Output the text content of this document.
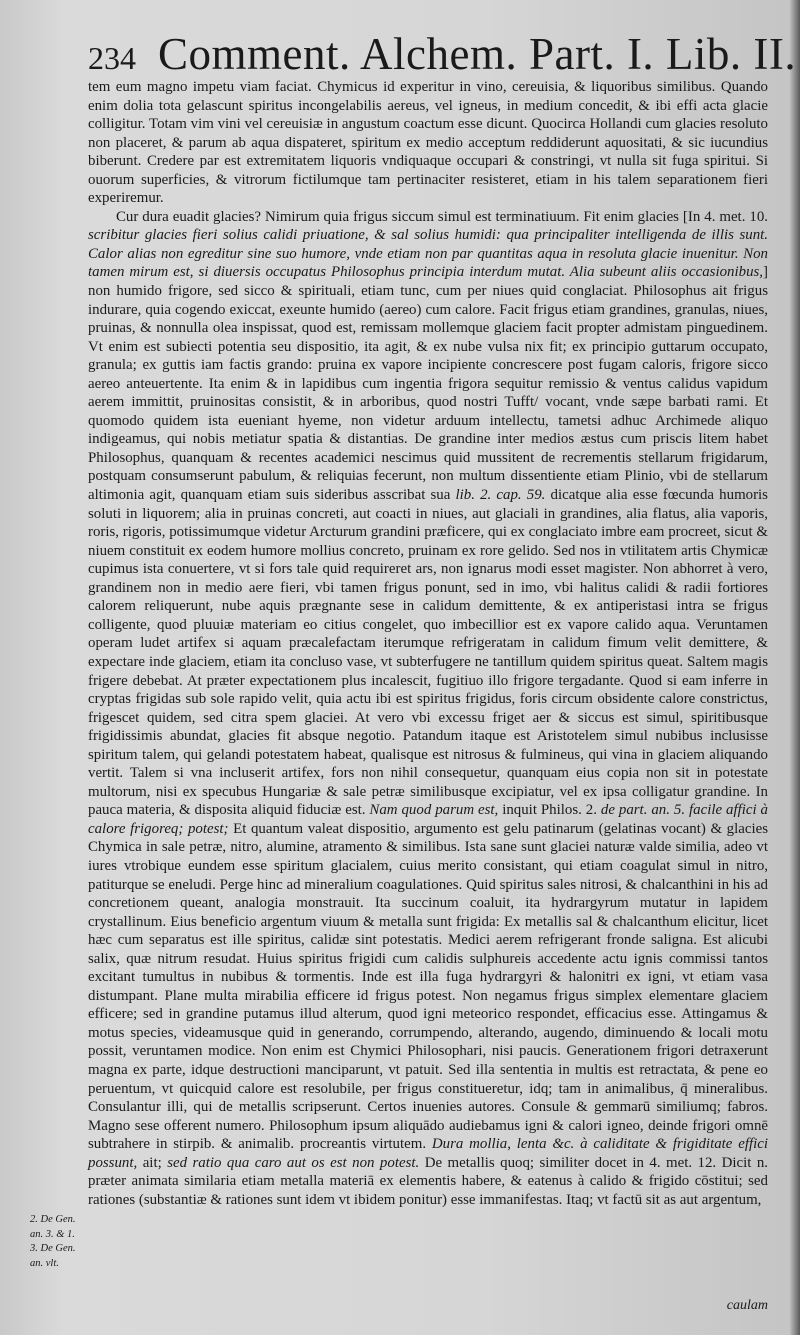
234 Comment. Alchem. Part. I. Lib. II.

tem eum magno impetu viam faciat. Chymicus id experitur in vino, cereuisia, & liquoribus similibus. Quando enim dolia tota gelascunt spiritus incongelabilis aereus, vel igneus, in medium concedit, & ibi effi acta glacie colligitur. Totam vim vini vel cereuisiæ in angustum coactum esse dicunt. Quocirca Hollandi cum glacies resoluto non placeret, & parum ab aqua dispateret, spiritum ex medio acceptum reddiderunt aquositati, & sic iucundius biberunt. Credere par est extremitatem liquoris vndiquaque occupari & constringi, vt nulla sit fuga spiritui. Si ouorum superficies, & vitrorum fictilumque tam pertinaciter resisteret, etiam in his talem separationem fieri experiremur.

Cur dura euadit glacies? Nimirum quia frigus siccum simul est terminatiuum. Fit enim glacies [In 4. met. 10. scribitur glacies fieri solius calidi priuatione, & sal solius humidi: qua principaliter intelligenda de illis sunt. Calor alias non egreditur sine suo humore, vnde etiam non par quantitas aqua in resoluta glacie inuenitur. Non tamen mirum est, si diuersis occupatus Philosophus principia interdum mutat. Alia subeunt aliis occasionibus,] non humido frigore, sed sicco & spirituali, etiam tunc, cum per niues quid conglaciat. Philosophus ait frigus indurare, quia cogendo exiccat, exeunte humido (aereo) cum calore. Facit frigus etiam grandines, granulas, niues, pruinas, & nonnulla olea inspissat, quod est, remissam mollemque glaciem facit propter admistam pinguedinem. Vt enim est subiecti potentia seu dispositio, ita agit, & ex nube vulsa nix fit; ex principio guttarum occupato, granula; ex guttis iam factis grando: pruina ex vapore incipiente concrescere post fugam caloris, frigore sicco aereo anteuertente. Ita enim & in lapidibus cum ingentia frigora sequitur remissio & ventus calidus vapidum aerem immittit, pruinositas consistit, & in arboribus, quod nostri Tufft/ vocant, vnde sæpe barbati rami. Et quomodo quidem ista eueniant hyeme, non videtur arduum intellectu, tametsi adhuc Archimede aliquo indigeamus, qui nobis metiatur spatia & distantias. De grandine inter medios æstus cum priscis litem habet Philosophus, quanquam & recentes academici nescimus quid mussitent de recrementis stellarum frigidarum, postquam consumserunt pabulum, & reliquias fecerunt, non multum dissentiente etiam Plinio, vbi de stellarum altimonia agit, quanquam etiam suis sideribus asscribat sua lib. 2. cap. 59. dicatque alia esse fœcunda humoris soluti in liquorem; alia in pruinas concreti, aut coacti in niues, aut glaciali in grandines, alia flatus, alia vaporis, roris, rigoris, potissimumque videtur Arcturum grandini præficere, qui ex conglaciato imbre eam procreet, sicut & niuem constituit ex eodem humore mollius concreto, pruinam ex rore gelido. Sed nos in vtilitatem artis Chymicæ cupimus ista conuertere, vt si fors tale quid requireret ars, non ignarus modi esset magister. Non abhorret à vero, grandinem non in medio aere fieri, vbi tamen frigus ponunt, sed in imo, vbi halitus calidi & radii fortiores calorem reliquerunt, nube aquis prægnante sese in calidum demittente, & ex antiperistasi intra se frigus colligente, quod pluuiæ materiam eo citius congelet, quo imbecillior est ex vapore calido aqua. Veruntamen operam ludet artifex si aquam præcalefactam iterumque refrigeratam in calidum fimum velit demittere, & expectare inde glaciem, etiam ita concluso vase, vt subterfugere ne tantillum quidem spiritus queat. Saltem magis frigere debebat. At præter expectationem plus incalescit, fugitiuo illo frigore tergadante. Quod si eam inferre in cryptas frigidas sub sole rapido velit, quia actu ibi est spiritus frigidus, foris circum obsidente calore constrictus, frigescet quidem, sed citra spem glaciei. At vero vbi excessu friget aer & siccus est simul, spiritibusque frigidissimis abundat, glacies fit absque negotio. Patandum itaque est Aristotelem simul nubibus inclusisse spiritum talem, qui gelandi potestatem habeat, qualisque est nitrosus & fulmineus, qui vina in glaciem aliquando vertit. Talem si vna incluserit artifex, fors non nihil consequetur, quanquam eius copia non sit in potestate multorum, nisi ex specubus Hungariæ & sale petræ similibusque excipiatur, vel ex ipsa colligatur grandine. In pauca materia, & disposita aliquid fiduciæ est. Nam quod parum est, inquit Philos. 2. de part. an. 5. facile affici à calore frigoreq; potest; Et quantum valeat dispositio, argumento est gelu patinarum (gelatinas vocant) & glacies Chymica in sale petræ, nitro, alumine, atramento & similibus. Ista sane sunt glaciei naturæ valde similia, adeo vt iures vtrobique eundem esse spiritum glacialem, cuius merito consistant, qui etiam coagulat simul in nitro, patiturque se eneludi. Perge hinc ad mineralium coagulationes. Quid spiritus sales nitrosi, & chalcanthini in his ad concretionem queant, analogia monstrauit. Ita succinum coaluit, ita hydrargyrum mutatur in lapidem crystallinum. Eius beneficio argentum viuum & metalla sunt frigida: Ex metallis sal & chalcanthum elicitur, licet hæc cum separatus est ille spiritus, calidæ sint potestatis. Medici aerem refrigerant fronde saligna. Est alicubi salix, quæ nitrum resudat. Huius spiritus frigidi cum calidis sulphureis accedente actu ignis commissi tantos excitant tumultus in nubibus & tormentis. Inde est illa fuga hydrargyri & halonitri ex igni, vt etiam vasa distumpant. Plane multa mirabilia efficere id frigus potest. Non negamus frigus simplex elementare glaciem efficere; sed in grandine putamus illud alterum, quod igni meteorico respondet, efficacius esse. Attingamus & motus species, videamusque quid in generando, corrumpendo, alterando, augendo, diminuendo & locali motu possit, veruntamen modice. Non enim est Chymici Philosophari, nisi paucis. Generationem frigori detraxerunt magna ex parte, idque destructioni manciparunt, vt patuit. Sed illa sententia in multis est retractata, & pene eo peruentum, vt quicquid calore est resolubile, per frigus constitueretur, idq; tam in animalibus, q̄ mineralibus. Consulantur illi, qui de metallis scripserunt. Certos inuenies autores. Consule & gemmarū similiumq; fabros. Magno sese offerent numero. Philosophum ipsum aliquādo audiebamus igni & calori igneo, deinde frigori omnē subtrahere in stirpib. & animalib. procreantis virtutem. Dura mollia, lenta &c. à caliditate & frigiditate effici possunt, ait; sed ratio qua caro aut os est non potest. De metallis quoq; similiter docet in 4. met. 12. Dicit n. præter animata similaria etiam metalla materiā ex elementis habere, & eatenus à calido & frigido cōstitui; sed rationes (substantiæ & rationes sunt idem vt ibidem ponitur) esse immanifestas. Itaq; vt factū sit as aut argentum,

2. De Gen.
an. 3. & 1.
3. De Gen.
an. vlt.
caulam
